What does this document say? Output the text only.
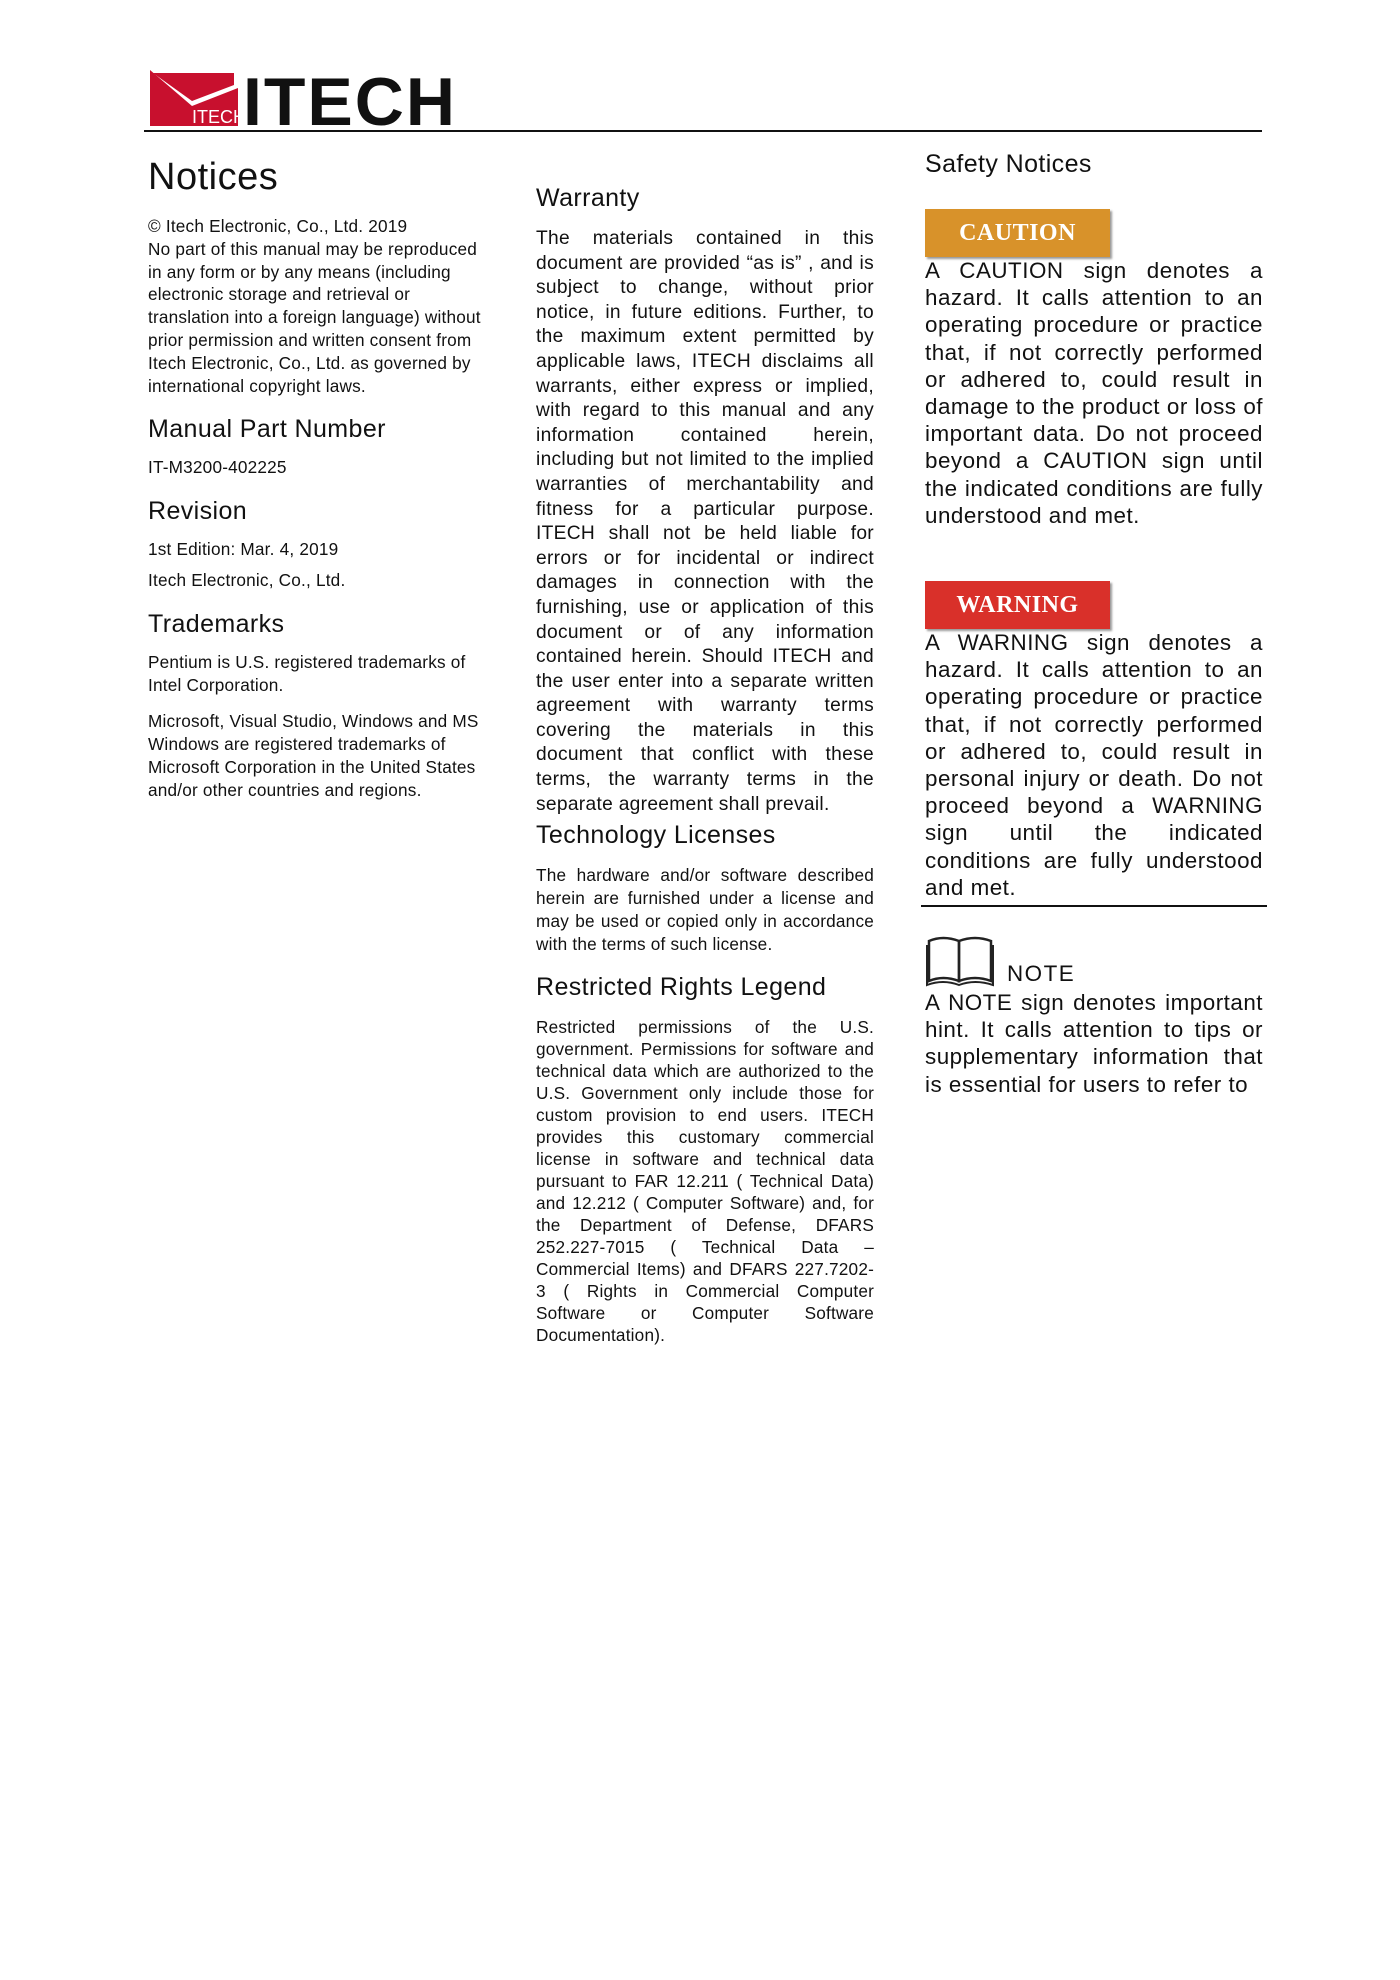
ITECH
ITECH
Notices

© Itech Electronic, Co., Ltd. 2019

No part of this manual may be reproduced in any form or by any means (including electronic storage and retrieval or translation into a foreign language) without prior permission and written consent from Itech Electronic, Co., Ltd. as governed by international copyright laws.

Manual Part Number

IT-M3200-402225

Revision

1st Edition: Mar. 4, 2019

Itech Electronic, Co., Ltd.

Trademarks

Pentium is U.S. registered trademarks of Intel Corporation.

Microsoft, Visual Studio, Windows and MS Windows are registered trademarks of Microsoft Corporation in the United States and/or other countries and regions.

Warranty

The materials contained in this document are provided “as is” , and is subject to change, without prior notice, in future editions. Further, to the maximum extent permitted by applicable laws, ITECH disclaims all warrants, either express or implied, with regard to this manual and any information contained herein, including but not limited to the implied warranties of merchantability and fitness for a particular purpose. ITECH shall not be held liable for errors or for incidental or indirect damages in connection with the furnishing, use or application of this document or of any information contained herein. Should ITECH and the user enter into a separate written agreement with warranty terms covering the materials in this document that conflict with these terms, the warranty terms in the separate agreement shall prevail.

Technology Licenses

The hardware and/or software described herein are furnished under a license and may be used or copied only in accordance with the terms of such license.

Restricted Rights Legend

Restricted permissions of the U.S. government. Permissions for software and technical data which are authorized to the U.S. Government only include those for custom provision to end users. ITECH provides this customary commercial license in software and technical data pursuant to FAR 12.211 ( Technical Data) and 12.212 ( Computer Software) and, for the Department of Defense, DFARS 252.227-7015 ( Technical Data – Commercial Items) and DFARS 227.7202-3 ( Rights in Commercial Computer Software or Computer Software Documentation).

Safety Notices
CAUTION

A CAUTION sign denotes a hazard. It calls attention to an operating procedure or practice that, if not correctly performed or adhered to, could result in damage to the product or loss of important data. Do not proceed beyond a CAUTION sign until the indicated conditions are fully understood and met.

WARNING

A WARNING sign denotes a hazard. It calls attention to an operating procedure or practice that, if not correctly performed or adhered to, could result in personal injury or death. Do not proceed beyond a WARNING sign until the indicated conditions are fully understood and met.

NOTE

A NOTE sign denotes important hint. It calls attention to tips or supplementary information that is essential for users to refer to
